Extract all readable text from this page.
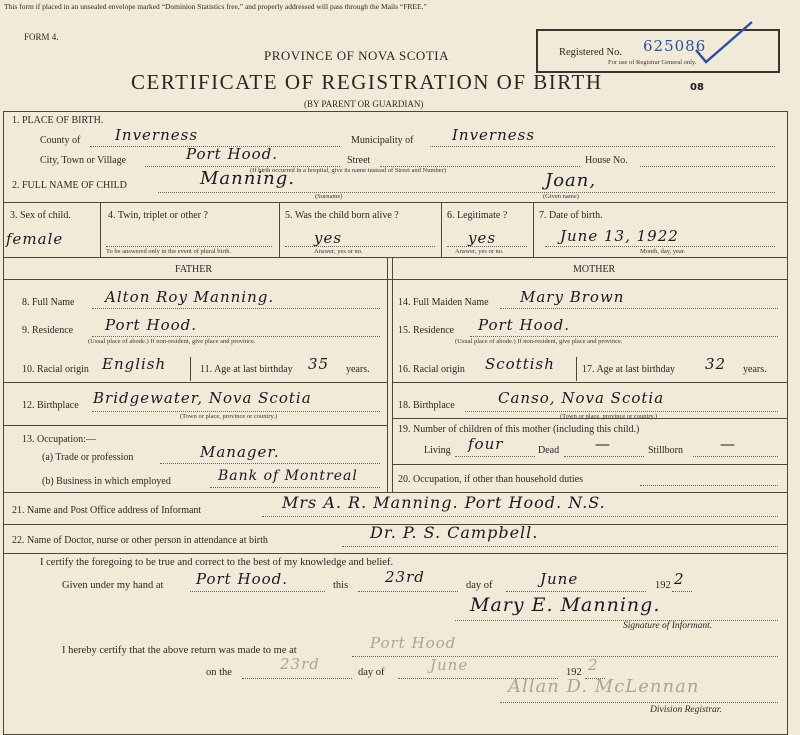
This form if placed in an unsealed envelope marked “Dominion Statistics free,” and properly addressed will pass through the Mails “FREE.”
FORM 4.
PROVINCE OF NOVA SCOTIA
CERTIFICATE OF REGISTRATION OF BIRTH
(BY PARENT OR GUARDIAN)
Registered No. 625086
For use of Registrar General only.
08
1. PLACE OF BIRTH.
County of Inverness	Municipality of	Inverness
City, Town or Village	Port Hood.	Street	House No.
(If birth occurred in a hospital, give its name instead of Street and Number)
2. FULL NAME OF CHILD	Manning.
(Surname)
Joan,
(Given name)
3. Sex of child.
female
4. Twin, triplet or other ?
To be answered only in the event of plural birth.
5. Was the child born alive ?
yes
Answer, yes or no.
6. Legitimate ?
yes
Answer, yes or no.
7. Date of birth.
June 13, 1922
Month, day, year.
FATHER	MOTHER
8. Full Name Alton Roy Manning.
9. Residence Port Hood.
(Usual place of abode.) If non-resident, give place and province.
10. Racial origin English	11. Age at last birthday 35 years.
12. Birthplace Bridgewater, Nova Scotia
(Town or place, province or country.)
13. Occupation:—
(a) Trade or profession	Manager.
(b) Business in which employed	Bank of Montreal
14. Full Maiden Name Mary Brown
15. Residence Port Hood.
(Usual place of abode.) If non-resident, give place and province.
16. Racial origin Scottish	17. Age at last birthday 32 years.
18. Birthplace	Canso, Nova Scotia
(Town or place, province or country.)
19. Number of children of this mother (including this child.)
Living four	Dead —	Stillborn —
20. Occupation, if other than household duties
21. Name and Post Office address of Informant	Mrs A. R. Manning. Port Hood. N.S.
22. Name of Doctor, nurse or other person in attendance at birth	Dr. P. S. Campbell.
I certify the foregoing to be true and correct to the best of my knowledge and belief.
Given under my hand at Port Hood.	this 23rd	day of	June	192 2
Mary E. Manning.
Signature of Informant.
I hereby certify that the above return was made to me at	Port Hood
on the	23rd	day of	June	192 2
Allan D. McLennan
Division Registrar.
